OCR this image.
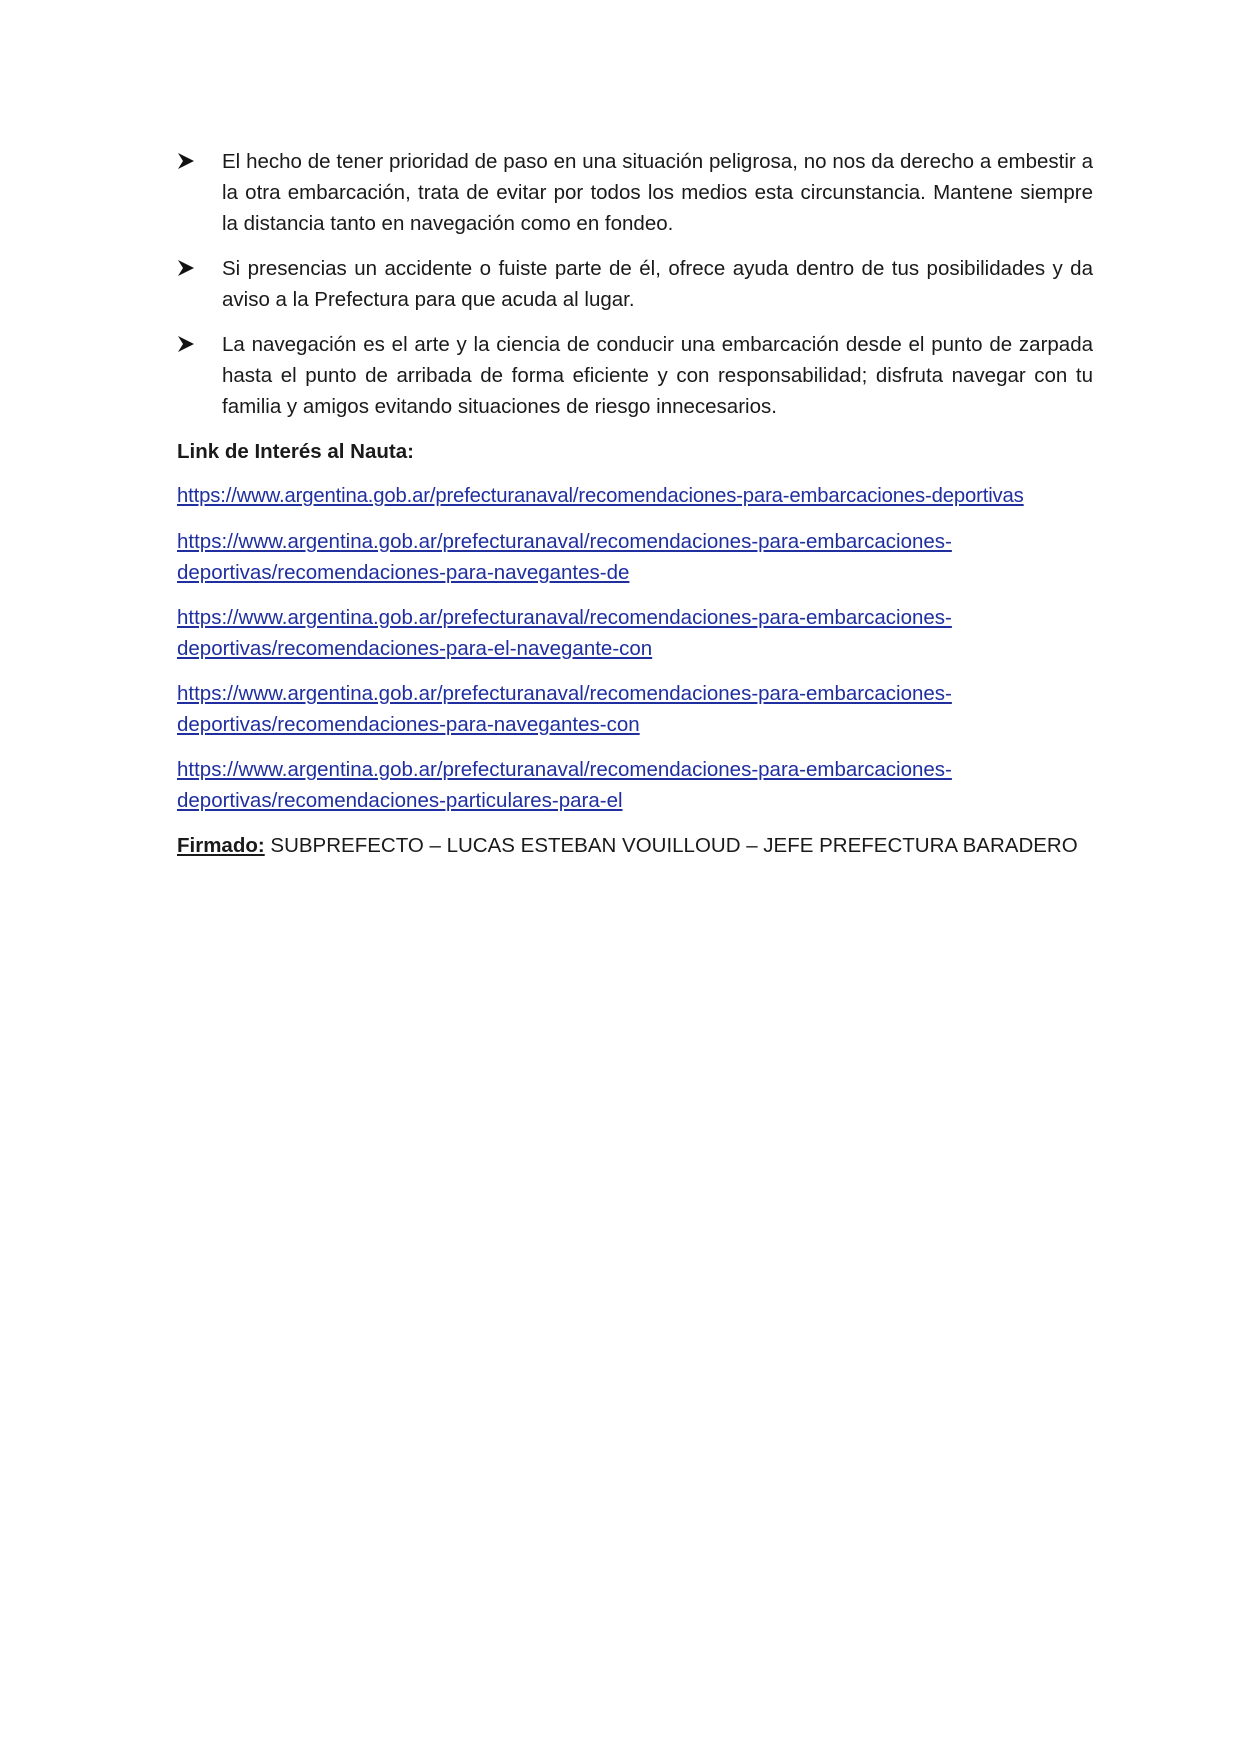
El hecho de tener prioridad de paso en una situación peligrosa, no nos da derecho a embestir a la otra embarcación, trata de evitar por todos los medios esta circunstancia. Mantene siempre la distancia tanto en navegación como en fondeo.
Si presencias un accidente o fuiste parte de él, ofrece ayuda dentro de tus posibilidades y da aviso a la Prefectura para que acuda al lugar.
La navegación es el arte y la ciencia de conducir una embarcación desde el punto de zarpada hasta el punto de arribada de forma eficiente y con responsabilidad; disfruta navegar con tu familia y amigos evitando situaciones de riesgo innecesarios.

Link de Interés al Nauta:

https://www.argentina.gob.ar/prefecturanaval/recomendaciones-para-embarcaciones-deportivas
https://www.argentina.gob.ar/prefecturanaval/recomendaciones-para-embarcaciones-deportivas/recomendaciones-para-navegantes-de
https://www.argentina.gob.ar/prefecturanaval/recomendaciones-para-embarcaciones-deportivas/recomendaciones-para-el-navegante-con
https://www.argentina.gob.ar/prefecturanaval/recomendaciones-para-embarcaciones-deportivas/recomendaciones-para-navegantes-con
https://www.argentina.gob.ar/prefecturanaval/recomendaciones-para-embarcaciones-deportivas/recomendaciones-particulares-para-el

Firmado: SUBPREFECTO – LUCAS ESTEBAN VOUILLOUD – JEFE PREFECTURA BARADERO
